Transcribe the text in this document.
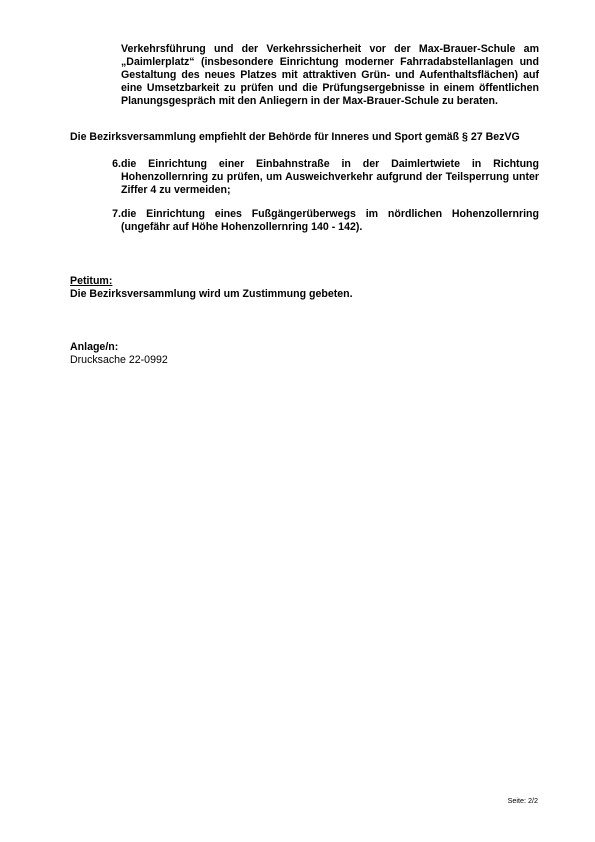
Verkehrsführung und der Verkehrssicherheit vor der Max-Brauer-Schule am „Daimlerplatz“ (insbesondere Einrichtung moderner Fahrradabstellanlagen und Gestaltung des neues Platzes mit attraktiven Grün- und Aufenthaltsflächen) auf eine Umsetzbarkeit zu prüfen und die Prüfungsergebnisse in einem öffentlichen Planungsgespräch mit den Anliegern in der Max-Brauer-Schule zu beraten.
Die Bezirksversammlung empfiehlt der Behörde für Inneres und Sport gemäß § 27 BezVG
6. die Einrichtung einer Einbahnstraße in der Daimlertwiete in Richtung Hohenzollernring zu prüfen, um Ausweichverkehr aufgrund der Teilsperrung unter Ziffer 4 zu vermeiden;
7. die Einrichtung eines Fußgängerüberwegs im nördlichen Hohenzollernring (ungefähr auf Höhe Hohenzollernring 140 - 142).
Petitum:
Die Bezirksversammlung wird um Zustimmung gebeten.
Anlage/n:
Drucksache 22-0992
Seite: 2/2
